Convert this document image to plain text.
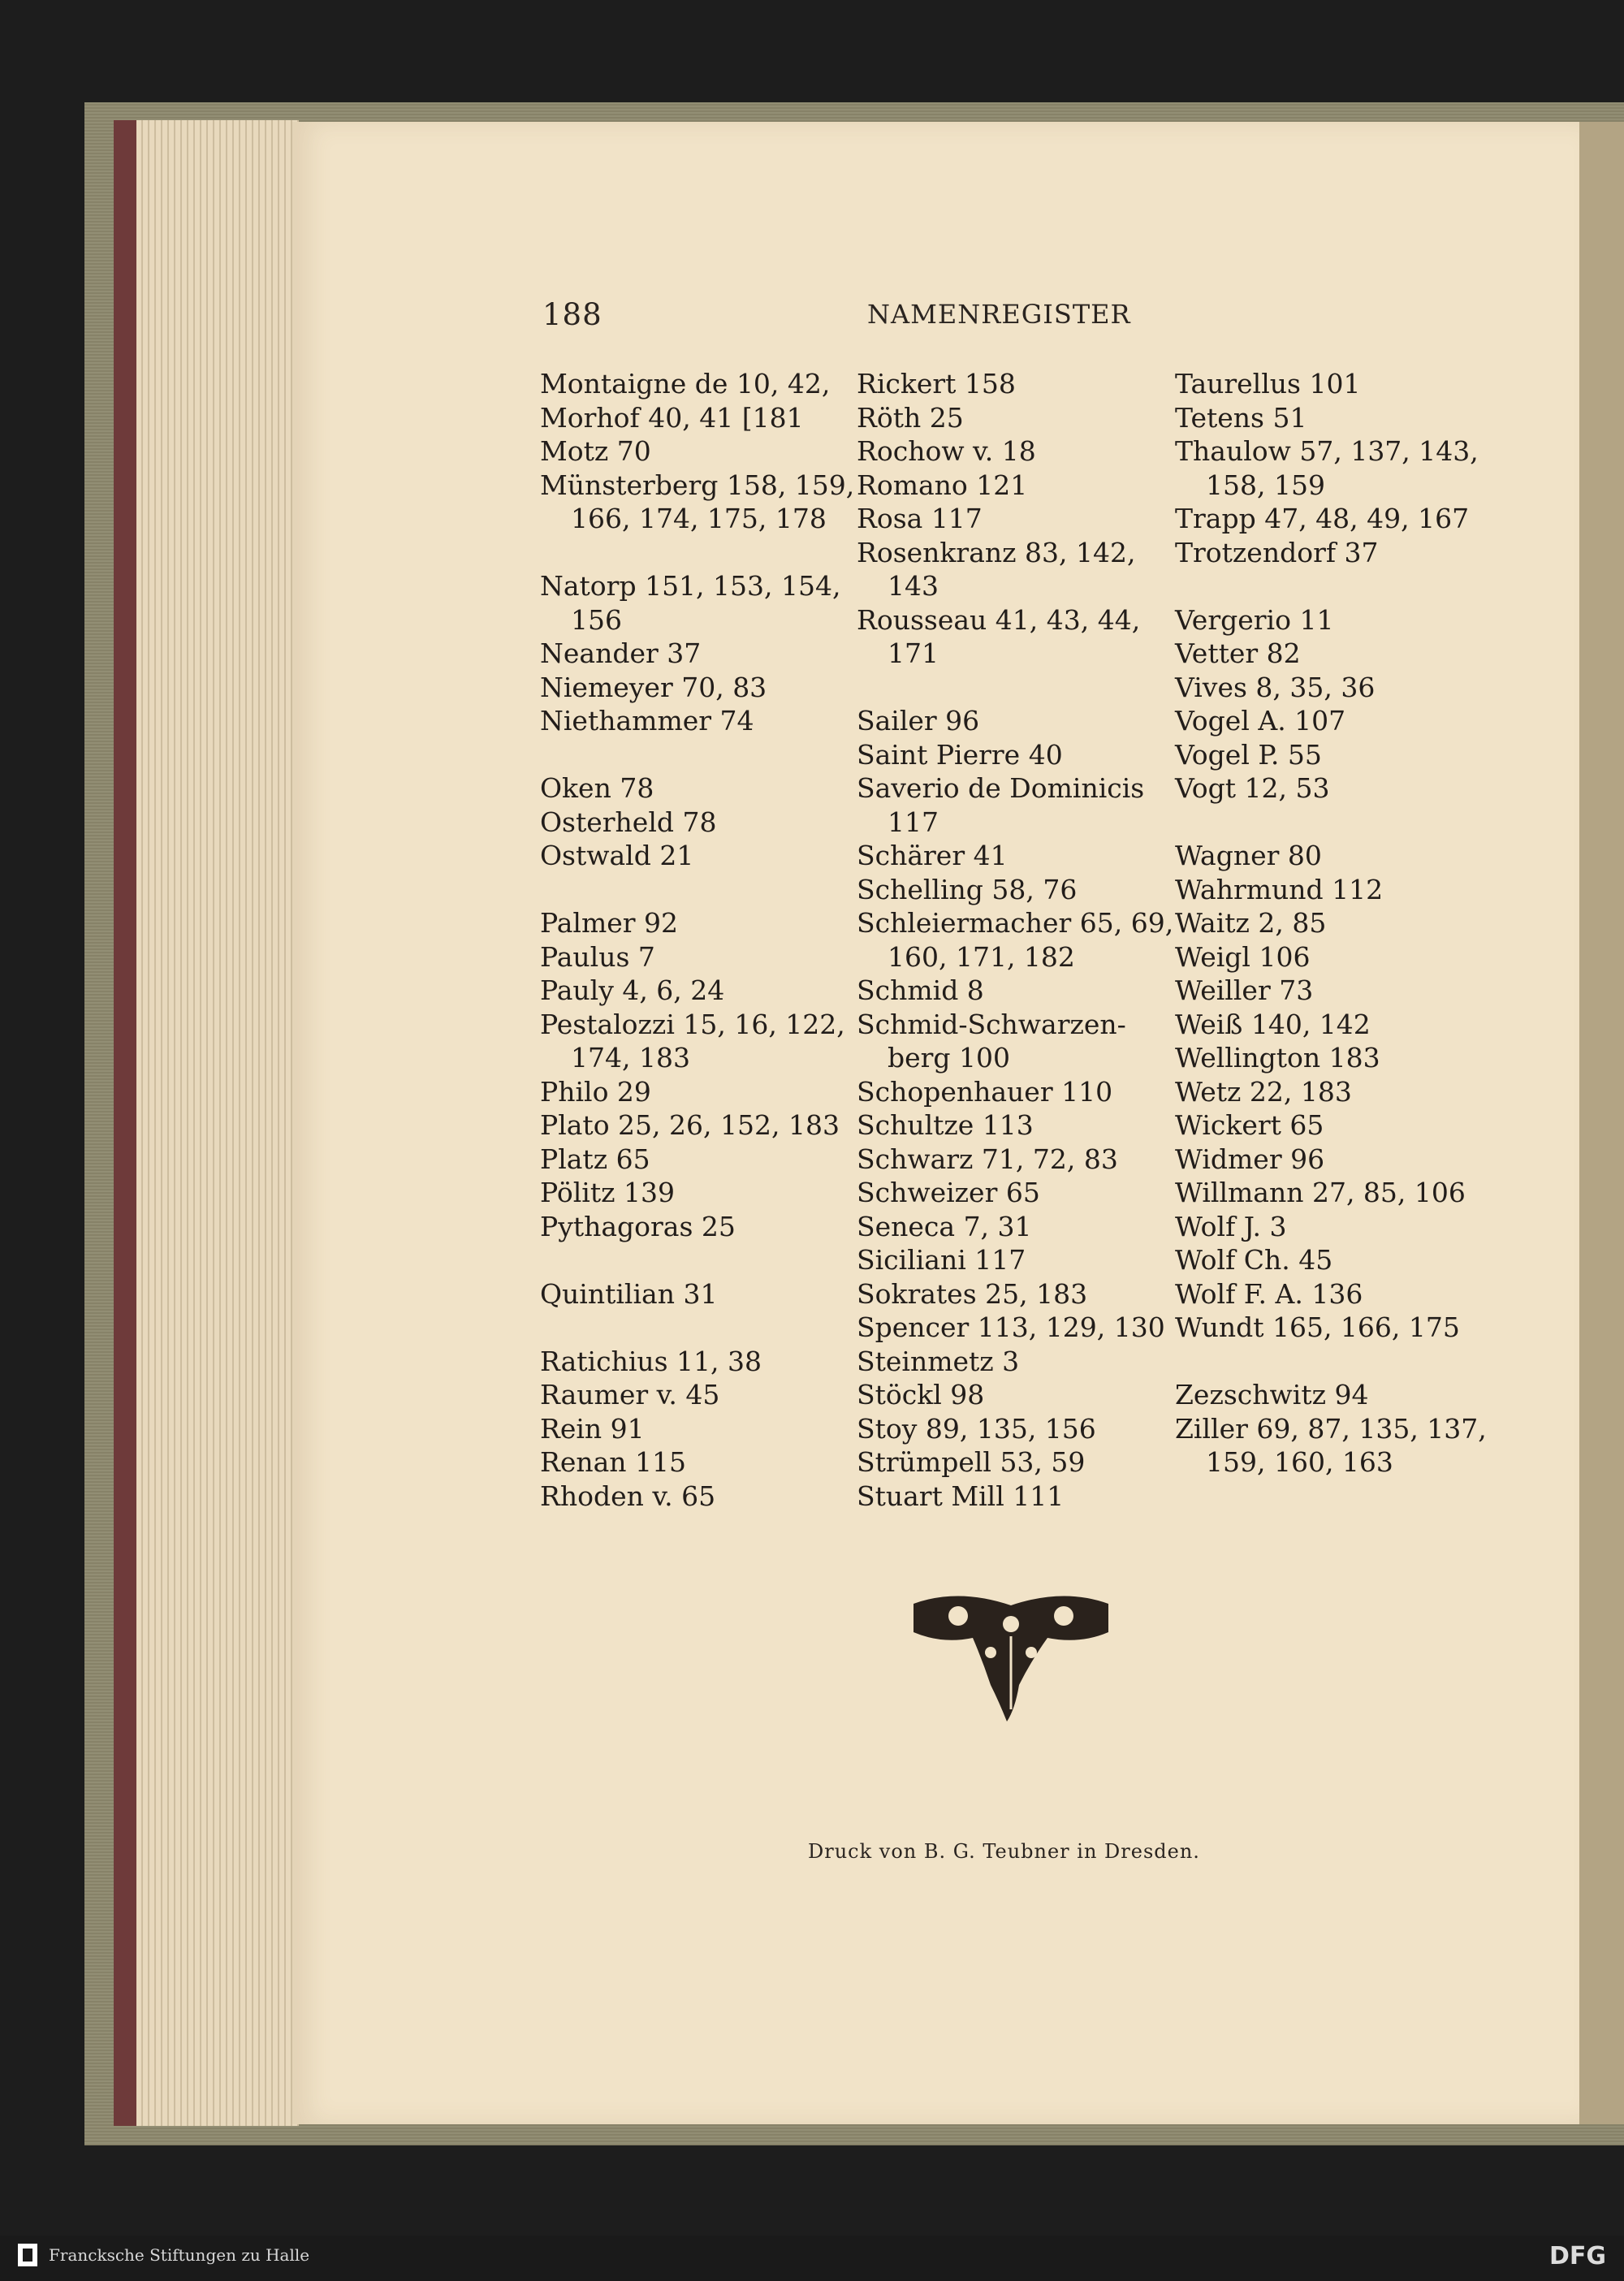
188	NAMENREGISTER
Montaigne de 10, 42,
Morhof 40, 41 [181
Motz 70
Münsterberg 158, 159,
166, 174, 175, 178
Natorp 151, 153, 154,
156
Neander 37
Niemeyer 70, 83
Niethammer 74
Oken 78
Osterheld 78
Ostwald 21
Palmer 92
Paulus 7
Pauly 4, 6, 24
Pestalozzi 15, 16, 122,
174, 183
Philo 29
Plato 25, 26, 152, 183
Platz 65
Pölitz 139
Pythagoras 25
Quintilian 31
Ratichius 11, 38
Raumer v. 45
Rein 91
Renan 115
Rhoden v. 65
Rickert 158
Röth 25
Rochow v. 18
Romano 121
Rosa 117
Rosenkranz 83, 142,
143
Rousseau 41, 43, 44,
171
Sailer 96
Saint Pierre 40
Saverio de Dominicis
117
Schärer 41
Schelling 58, 76
Schleiermacher 65, 69,
160, 171, 182
Schmid 8
Schmid-Schwarzen-
berg 100
Schopenhauer 110
Schultze 113
Schwarz 71, 72, 83
Schweizer 65
Seneca 7, 31
Siciliani 117
Sokrates 25, 183
Spencer 113, 129, 130
Steinmetz 3
Stöckl 98
Stoy 89, 135, 156
Strümpell 53, 59
Stuart Mill 111
Taurellus 101
Tetens 51
Thaulow 57, 137, 143,
158, 159
Trapp 47, 48, 49, 167
Trotzendorf 37
Vergerio 11
Vetter 82
Vives 8, 35, 36
Vogel A. 107
Vogel P. 55
Vogt 12, 53
Wagner 80
Wahrmund 112
Waitz 2, 85
Weigl 106
Weiller 73
Weiß 140, 142
Wellington 183
Wetz 22, 183
Wickert 65
Widmer 96
Willmann 27, 85, 106
Wolf J. 3
Wolf Ch. 45
Wolf F. A. 136
Wundt 165, 166, 175
Zezschwitz 94
Ziller 69, 87, 135, 137,
159, 160, 163
Druck von B. G. Teubner in Dresden.
Francksche Stiftungen zu Halle	DFG
